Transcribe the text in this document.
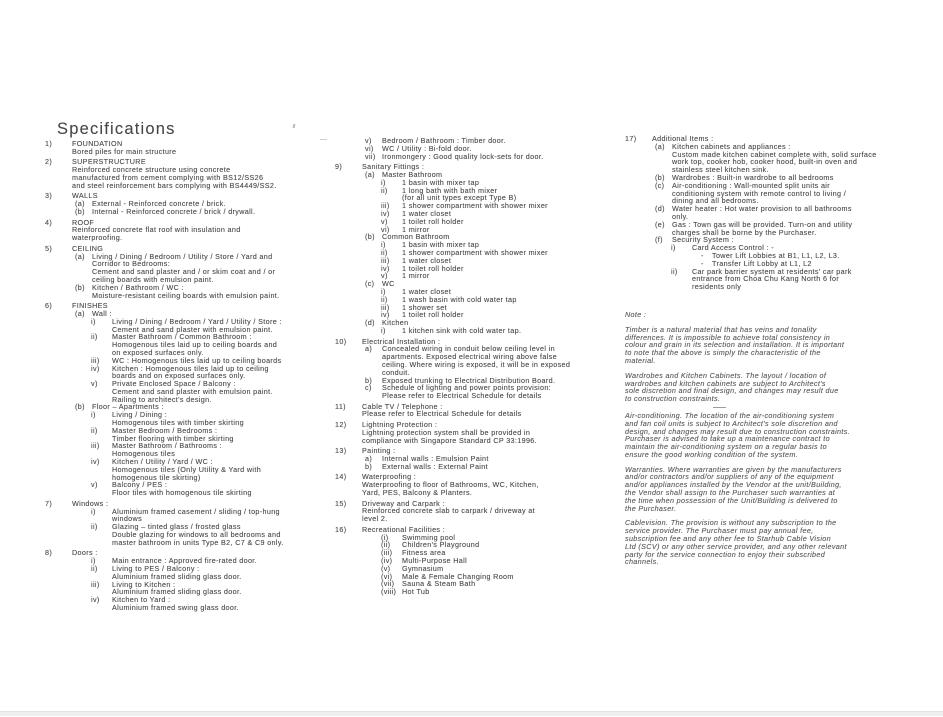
Specifications
1)	FOUNDATION
Bored piles for main structure
2)	SUPERSTRUCTURE
Reinforced concrete structure using concrete
manufactured from cement complying with BS12/SS26
and steel reinforcement bars complying with BS4449/SS2.
3)	WALLS
(a) External - Reinforced concrete / brick.
(b) Internal - Reinforced concrete / brick / drywall.
4)	ROOF
Reinforced concrete flat roof with insulation and
waterproofing.
5)	CEILING
(a) Living / Dining / Bedroom / Utility / Store / Yard and
Corridor to Bedrooms:
Cement and sand plaster and / or skim coat and / or
ceiling boards with emulsion paint.
(b) Kitchen / Bathroom / WC :
Moisture-resistant ceiling boards with emulsion paint.
6)	FINISHES
(a) Wall :
i)	Living / Dining / Bedroom / Yard / Utility / Store :
Cement and sand plaster with emulsion paint.
ii)	Master Bathroom / Common Bathroom :
Homogenous tiles laid up to ceiling boards and
on exposed surfaces only.
iii)	WC : Homogenous tiles laid up to ceiling boards
iv)	Kitchen : Homogenous tiles laid up to ceiling
boards and on exposed surfaces only.
v)	Private Enclosed Space / Balcony :
Cement and sand plaster with emulsion paint.
Railing to architect's design.
(b) Floor – Apartments :
i)	Living / Dining :
Homogenous tiles with timber skirting
ii)	Master Bedroom / Bedrooms :
Timber flooring with timber skirting
iii)	Master Bathroom / Bathrooms :
Homogenous tiles
iv)	Kitchen / Utility / Yard / WC :
Homogenous tiles (Only Utility & Yard with
homogenous tile skirting)
v)	Balcony / PES :
Floor tiles with homogenous tile skirting
7)	Windows :
i)	Aluminium framed casement / sliding / top-hung
windows
ii)	Glazing – tinted glass / frosted glass
Double glazing for windows to all bedrooms and
master bathroom in units Type B2, C7 & C9 only.
8)	Doors :
i)	Main entrance : Approved fire-rated door.
ii)	Living to PES / Balcony :
Aluminium framed sliding glass door.
iii)	Living to Kitchen :
Aluminium framed sliding glass door.
iv)	Kitchen to Yard :
Aluminium framed swing glass door.
v)	Bedroom / Bathroom : Timber door.
vi)	WC / Utility : Bi-fold door.
vii) Ironmongery : Good quality lock-sets for door.
9)	Sanitary Fittings :
(a) Master Bathroom
i)	1 basin with mixer tap
ii)	1 long bath with bath mixer
(for all unit types except Type B)
iii)	1 shower compartment with shower mixer
iv)	1 water closet
v)	1 toilet roll holder
vi)	1 mirror
(b) Common Bathroom
i)	1 basin with mixer tap
ii)	1 shower compartment with shower mixer
iii)	1 water closet
iv)	1 toilet roll holder
v)	1 mirror
(c)	WC
i)	1 water closet
ii)	1 wash basin with cold water tap
iii)	1 shower set
iv)	1 toilet roll holder
(d) Kitchen
i)	1 kitchen sink with cold water tap.
10)	Electrical Installation :
a)	Concealed wiring in conduit below ceiling level in
apartments. Exposed electrical wiring above false
ceiling. Where wiring is exposed, it will be in exposed
conduit.
b)	Exposed trunking to Electrical Distribution Board.
c)	Schedule of lighting and power points provision:
Please refer to Electrical Schedule for details
11)	Cable TV / Telephone :
Please refer to Electrical Schedule for details
12)	Lightning Protection :
Lightning protection system shall be provided in
compliance with Singapore Standard CP 33:1996.
13)	Painting :
a)	Internal walls : Emulsion Paint
b)	External walls : External Paint
14)	Waterproofing :
Waterproofing to floor of Bathrooms, WC, Kitchen,
Yard, PES, Balcony & Planters.
15)	Driveway and Carpark :
Reinforced concrete slab to carpark / driveway at
level 2.
16)	Recreational Facilities :
(i)	Swimming pool
(ii)	Children's Playground
(iii)	Fitness area
(iv)	Multi-Purpose Hall
(v)	Gymnasium
(vi)	Male & Female Changing Room
(vii)	Sauna & Steam Bath
(viii) Hot Tub
17)	Additional Items :
(a) Kitchen cabinets and appliances :
Custom made kitchen cabinet complete with, solid surface
work top, cooker hob, cooker hood, built-in oven and
stainless steel kitchen sink.
(b) Wardrobes : Built-in wardrobe to all bedrooms
(c)	Air-conditioning : Wall-mounted split units air
conditioning system with remote control to living /
dining and all bedrooms.
(d) Water heater : Hot water provision to all bathrooms
only.
(e) Gas : Town gas will be provided. Turn-on and utility
charges shall be borne by the Purchaser.
(f)	Security System :
i)	Card Access Control : -
-	Tower Lift Lobbies at B1, L1, L2, L3.
-	Transfer Lift Lobby at L1, L2
ii)	Car park barrier system at residents' car park
entrance from Choa Chu Kang North 6 for
residents only
Note :
Timber is a natural material that has veins and tonality
differences. It is impossible to achieve total consistency in
colour and grain in its selection and installation. It is important
to note that the above is simply the characteristic of the
material.
Wardrobes and Kitchen Cabinets. The layout / location of
wardrobes and kitchen cabinets are subject to Architect's
sole discretion and final design, and changes may result due
to construction constraints.
Air-conditioning. The location of the air-conditioning system
and fan coil units is subject to Architect's sole discretion and
design, and changes may result due to construction constraints.
Purchaser is advised to take up a maintenance contract to
maintain the air-conditioning system on a regular basis to
ensure the good working condition of the system.
Warranties. Where warranties are given by the manufacturers
and/or contractors and/or suppliers of any of the equipment
and/or appliances installed by the Vendor at the unit/Building,
the Vendor shall assign to the Purchaser such warranties at
the time when possession of the Unit/Building is delivered to
the Purchaser.
Cablevision. The provision is without any subscription to the
service provider. The Purchaser must pay annual fee,
subscription fee and any other fee to Starhub Cable Vision
Ltd (SCV) or any other service provider, and any other relevant
party for the service connection to enjoy their subscribed
channels.
